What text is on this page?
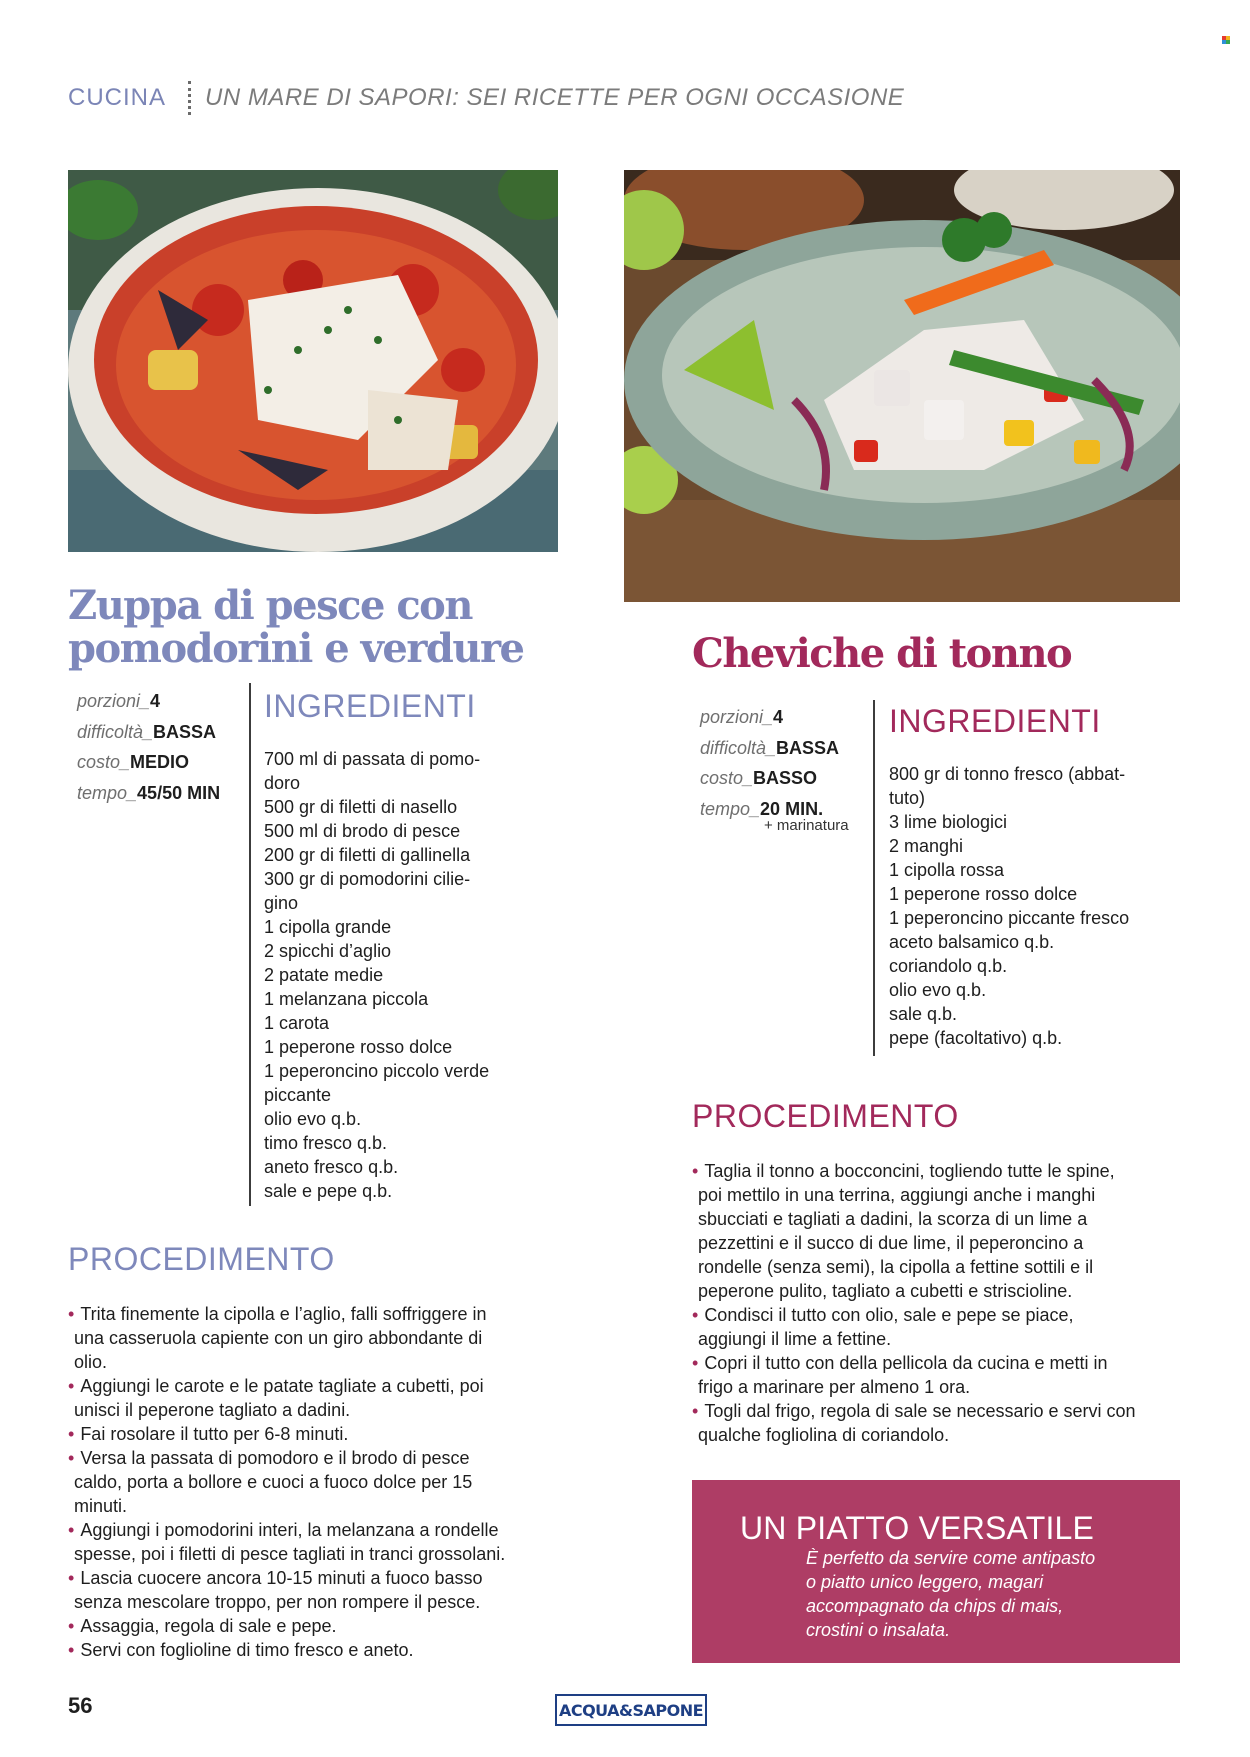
CUCINA UN MARE DI SAPORI: SEI RICETTE PER OGNI OCCASIONE
Zuppa di pesce con
pomodorini e verdure
porzioni_4
difficoltà_BASSA
costo_MEDIO
tempo_45/50 MIN
INGREDIENTI
700 ml di passata di pomo-
doro
500 gr di filetti di nasello
500 ml di brodo di pesce
200 gr di filetti di gallinella
300 gr di pomodorini cilie-
gino
1 cipolla grande
2 spicchi d’aglio
2 patate medie
1 melanzana piccola
1 carota
1 peperone rosso dolce
1 peperoncino piccolo verde
piccante
olio evo q.b.
timo fresco q.b.
aneto fresco q.b.
sale e pepe q.b.
PROCEDIMENTO
• Trita finemente la cipolla e l’aglio, falli soffriggere in
una casseruola capiente con un giro abbondante di
olio.
• Aggiungi le carote e le patate tagliate a cubetti, poi
unisci il peperone tagliato a dadini.
• Fai rosolare il tutto per 6-8 minuti.
• Versa la passata di pomodoro e il brodo di pesce
caldo, porta a bollore e cuoci a fuoco dolce per 15
minuti.
• Aggiungi i pomodorini interi, la melanzana a rondelle
spesse, poi i filetti di pesce tagliati in tranci grossolani.
• Lascia cuocere ancora 10-15 minuti a fuoco basso
senza mescolare troppo, per non rompere il pesce.
• Assaggia, regola di sale e pepe.
• Servi con foglioline di timo fresco e aneto.
Cheviche di tonno
porzioni_4
difficoltà_BASSA
costo_BASSO
tempo_20 MIN.
+ marinatura
INGREDIENTI
800 gr di tonno fresco (abbat-
tuto)
3 lime biologici
2 manghi
1 cipolla rossa
1 peperone rosso dolce
1 peperoncino piccante fresco
aceto balsamico q.b.
coriandolo q.b.
olio evo q.b.
sale q.b.
pepe (facoltativo) q.b.
PROCEDIMENTO
• Taglia il tonno a bocconcini, togliendo tutte le spine,
poi mettilo in una terrina, aggiungi anche i manghi
sbucciati e tagliati a dadini, la scorza di un lime a
pezzettini e il succo di due lime, il peperoncino a
rondelle (senza semi), la cipolla a fettine sottili e il
peperone pulito, tagliato a cubetti e striscioline.
• Condisci il tutto con olio, sale e pepe se piace,
aggiungi il lime a fettine.
• Copri il tutto con della pellicola da cucina e metti in
frigo a marinare per almeno 1 ora.
• Togli dal frigo, regola di sale se necessario e servi con
qualche fogliolina di coriandolo.
UN PIATTO VERSATILE
È perfetto da servire come antipasto
o piatto unico leggero, magari
accompagnato da chips di mais,
crostini o insalata.
56	ACQUA&SAPONE
